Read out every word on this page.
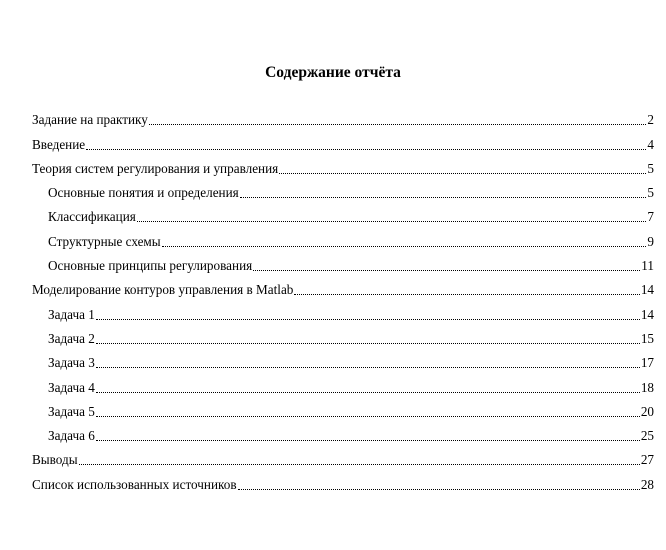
Содержание отчёта
Задание на практику	2
Введение	4
Теория систем регулирования и управления	5
Основные понятия и определения	5
Классификация	7
Структурные схемы	9
Основные принципы регулирования	11
Моделирование контуров управления в Matlab	14
Задача 1	14
Задача 2	15
Задача 3	17
Задача 4	18
Задача 5	20
Задача 6	25
Выводы	27
Список использованных источников	28
